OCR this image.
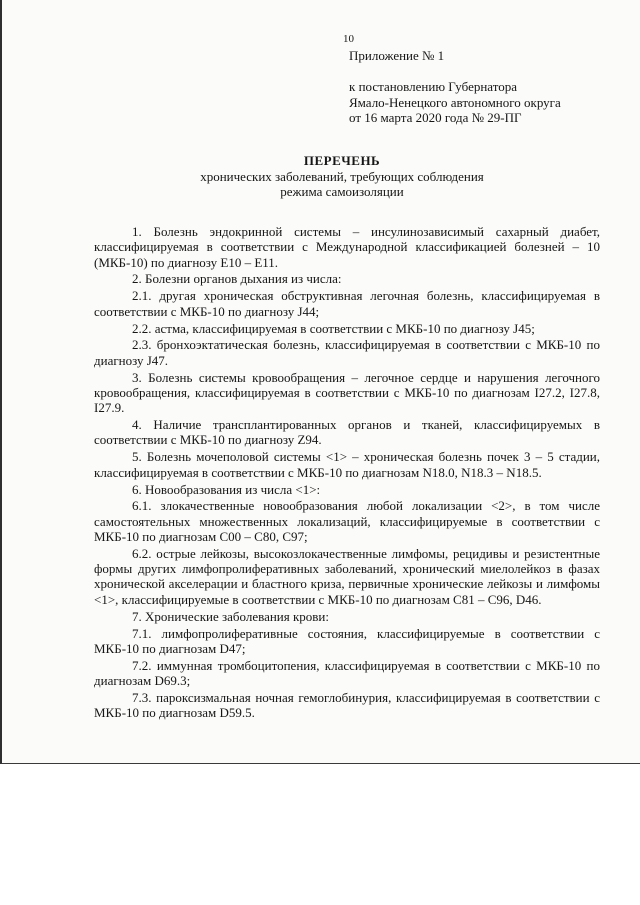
10
Приложение № 1
к постановлению Губернатора
Ямало-Ненецкого автономного округа
от 16 марта 2020 года № 29-ПГ
ПЕРЕЧЕНЬ
хронических заболеваний, требующих соблюдения
режима самоизоляции

1. Болезнь эндокринной системы – инсулинозависимый сахарный диабет, классифицируемая в соответствии с Международной классификацией болезней – 10 (МКБ-10) по диагнозу Е10 – Е11.

2. Болезни органов дыхания из числа:

2.1. другая хроническая обструктивная легочная болезнь, классифицируемая в соответствии с МКБ-10 по диагнозу J44;

2.2. астма, классифицируемая в соответствии с МКБ-10 по диагнозу J45;

2.3. бронхоэктатическая болезнь, классифицируемая в соответствии с МКБ-10 по диагнозу J47.

3. Болезнь системы кровообращения – легочное сердце и нарушения легочного кровообращения, классифицируемая в соответствии с МКБ-10 по диагнозам I27.2, I27.8, I27.9.

4. Наличие трансплантированных органов и тканей, классифицируемых в соответствии с МКБ-10 по диагнозу Z94.

5. Болезнь мочеполовой системы <1> – хроническая болезнь почек 3 – 5 стадии, классифицируемая в соответствии с МКБ-10 по диагнозам N18.0, N18.3 – N18.5.

6. Новообразования из числа <1>:

6.1. злокачественные новообразования любой локализации <2>, в том числе самостоятельных множественных локализаций, классифицируемые в соответствии с МКБ-10 по диагнозам С00 – С80, С97;

6.2. острые лейкозы, высокозлокачественные лимфомы, рецидивы и резистентные формы других лимфопролиферативных заболеваний, хронический миелолейкоз в фазах хронической акселерации и бластного криза, первичные хронические лейкозы и лимфомы <1>, классифицируемые в соответствии с МКБ-10 по диагнозам С81 – С96, D46.

7. Хронические заболевания крови:

7.1. лимфопролиферативные состояния, классифицируемые в соответствии с МКБ-10 по диагнозам D47;

7.2. иммунная тромбоцитопения, классифицируемая в соответствии с МКБ-10 по диагнозам D69.3;

7.3. пароксизмальная ночная гемоглобинурия, классифицируемая в соответствии с МКБ-10 по диагнозам D59.5.
